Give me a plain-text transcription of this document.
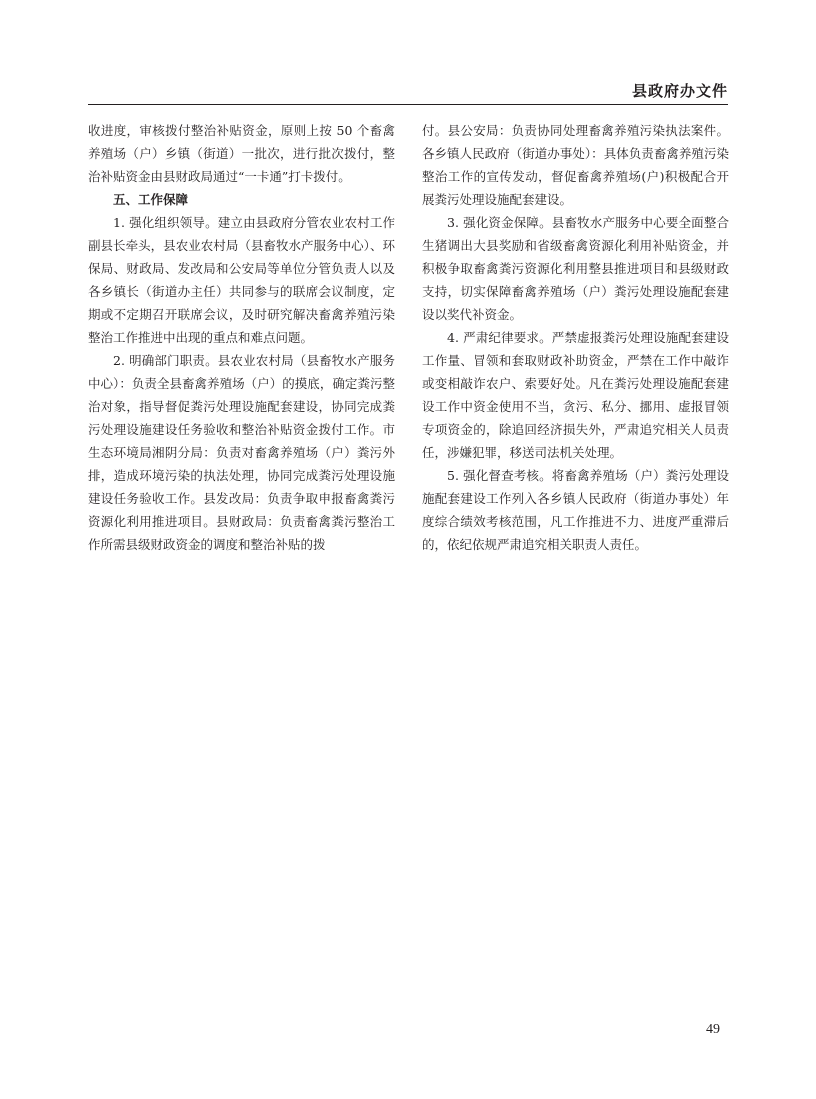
县政府办文件

收进度，审核拨付整治补贴资金，原则上按 50 个畜禽养殖场（户）乡镇（街道）一批次，进行批次拨付，整治补贴资金由县财政局通过“一卡通”打卡拨付。

五、工作保障

1. 强化组织领导。建立由县政府分管农业农村工作副县长牵头，县农业农村局（县畜牧水产服务中心）、环保局、财政局、发改局和公安局等单位分管负责人以及各乡镇长（街道办主任）共同参与的联席会议制度，定期或不定期召开联席会议，及时研究解决畜禽养殖污染整治工作推进中出现的重点和难点问题。

2. 明确部门职责。县农业农村局（县畜牧水产服务中心）：负责全县畜禽养殖场（户）的摸底，确定粪污整治对象，指导督促粪污处理设施配套建设，协同完成粪污处理设施建设任务验收和整治补贴资金拨付工作。市生态环境局湘阴分局：负责对畜禽养殖场（户）粪污外排，造成环境污染的执法处理，协同完成粪污处理设施建设任务验收工作。县发改局：负责争取申报畜禽粪污资源化利用推进项目。县财政局：负责畜禽粪污整治工作所需县级财政资金的调度和整治补贴的拨

付。县公安局：负责协同处理畜禽养殖污染执法案件。各乡镇人民政府（街道办事处）：具体负责畜禽养殖污染整治工作的宣传发动，督促畜禽养殖场(户)积极配合开展粪污处理设施配套建设。

3. 强化资金保障。县畜牧水产服务中心要全面整合生猪调出大县奖励和省级畜禽资源化利用补贴资金，并积极争取畜禽粪污资源化利用整县推进项目和县级财政支持，切实保障畜禽养殖场（户）粪污处理设施配套建设以奖代补资金。

4. 严肃纪律要求。严禁虚报粪污处理设施配套建设工作量、冒领和套取财政补助资金，严禁在工作中敲诈或变相敲诈农户、索要好处。凡在粪污处理设施配套建设工作中资金使用不当，贪污、私分、挪用、虚报冒领专项资金的，除追回经济损失外，严肃追究相关人员责任，涉嫌犯罪，移送司法机关处理。

5. 强化督查考核。将畜禽养殖场（户）粪污处理设施配套建设工作列入各乡镇人民政府（街道办事处）年度综合绩效考核范围，凡工作推进不力、进度严重滞后的，依纪依规严肃追究相关职责人责任。

49
